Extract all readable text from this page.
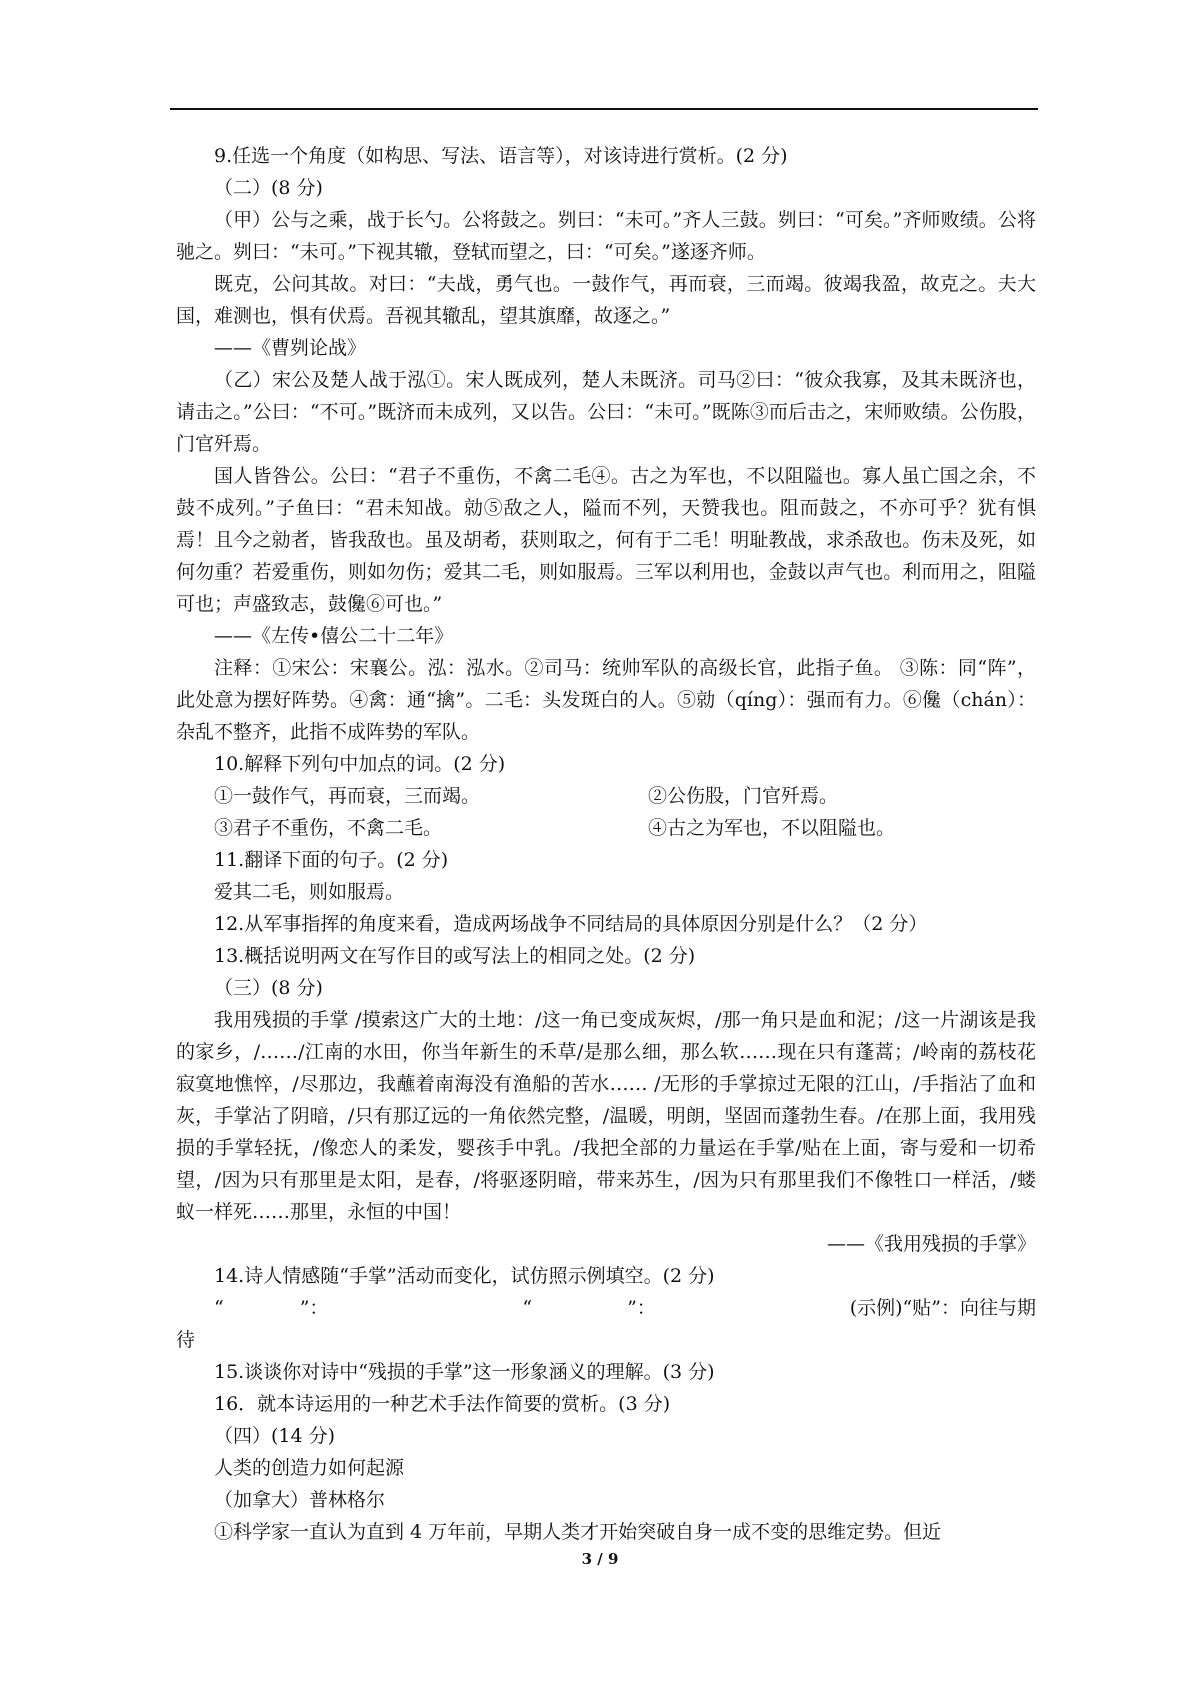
9.任选一个角度（如构思、写法、语言等），对该诗进行赏析。(2 分)

（二）(8 分)

（甲）公与之乘，战于长勺。公将鼓之。刿曰：“未可。”齐人三鼓。刿曰：“可矣。”齐师败绩。公将驰之。刿曰：“未可。”下视其辙，登轼而望之，曰：“可矣。”遂逐齐师。

既克，公问其故。对曰：“夫战，勇气也。一鼓作气，再而衰，三而竭。彼竭我盈，故克之。夫大国，难测也，惧有伏焉。吾视其辙乱，望其旗靡，故逐之。”

——《曹刿论战》

（乙）宋公及楚人战于泓①。宋人既成列，楚人未既济。司马②曰：“彼众我寡，及其未既济也，请击之。”公曰：“不可。”既济而未成列，又以告。公曰：“未可。”既陈③而后击之，宋师败绩。公伤股，门官歼焉。

国人皆咎公。公曰：“君子不重伤，不禽二毛④。古之为军也，不以阻隘也。寡人虽亡国之余，不鼓不成列。”子鱼曰：“君未知战。勍⑤敌之人，隘而不列，天赞我也。阻而鼓之，不亦可乎？犹有惧焉！且今之勍者，皆我敌也。虽及胡耇，获则取之，何有于二毛！明耻教战，求杀敌也。伤未及死，如何勿重？若爱重伤，则如勿伤；爱其二毛，则如服焉。三军以利用也，金鼓以声气也。利而用之，阻隘可也；声盛致志，鼓儳⑥可也。”

——《左传•僖公二十二年》

注释：①宋公：宋襄公。泓：泓水。②司马：统帅军队的高级长官，此指子鱼。 ③陈：同“阵”，此处意为摆好阵势。④禽：通“擒”。二毛：头发斑白的人。⑤勍（qíng）：强而有力。⑥儳（chán）：杂乱不整齐，此指不成阵势的军队。

10.解释下列句中加点的词。(2 分)

①一鼓作气，再而衰，三而竭。	②公伤股，门官歼焉。
③君子不重伤，不禽二毛。	④古之为军也，不以阻隘也。

11.翻译下面的句子。(2 分)

爱其二毛，则如服焉。

12.从军事指挥的角度来看，造成两场战争不同结局的具体原因分别是什么？（2 分）

13.概括说明两文在写作目的或写法上的相同之处。(2 分)

（三）(8 分)

我用残损的手掌 /摸索这广大的土地：/这一角已变成灰烬，/那一角只是血和泥；/这一片湖该是我的家乡，/……/江南的水田，你当年新生的禾草/是那么细，那么软……现在只有蓬蒿；/岭南的荔枝花寂寞地憔悴，/尽那边，我蘸着南海没有渔船的苦水…… /无形的手掌掠过无限的江山，/手指沾了血和灰，手掌沾了阴暗，/只有那辽远的一角依然完整，/温暖，明朗，坚固而蓬勃生春。/在那上面，我用残损的手掌轻抚，/像恋人的柔发，婴孩手中乳。/我把全部的力量运在手掌/贴在上面，寄与爱和一切希望，/因为只有那里是太阳，是春，/将驱逐阴暗，带来苏生，/因为只有那里我们不像牲口一样活，/蝼蚁一样死……那里，永恒的中国！

——《我用残损的手掌》

14.诗人情感随“手掌”活动而变化，试仿照示例填空。(2 分)

“　　　　”：	“　　　　　”：	(示例)“贴”：向往与期

待

15.谈谈你对诗中“残损的手掌”这一形象涵义的理解。(3 分)

16．就本诗运用的一种艺术手法作简要的赏析。(3 分)

（四）(14 分)

人类的创造力如何起源

（加拿大）普林格尔

①科学家一直认为直到 4 万年前，早期人类才开始突破自身一成不变的思维定势。但近

3 / 9
